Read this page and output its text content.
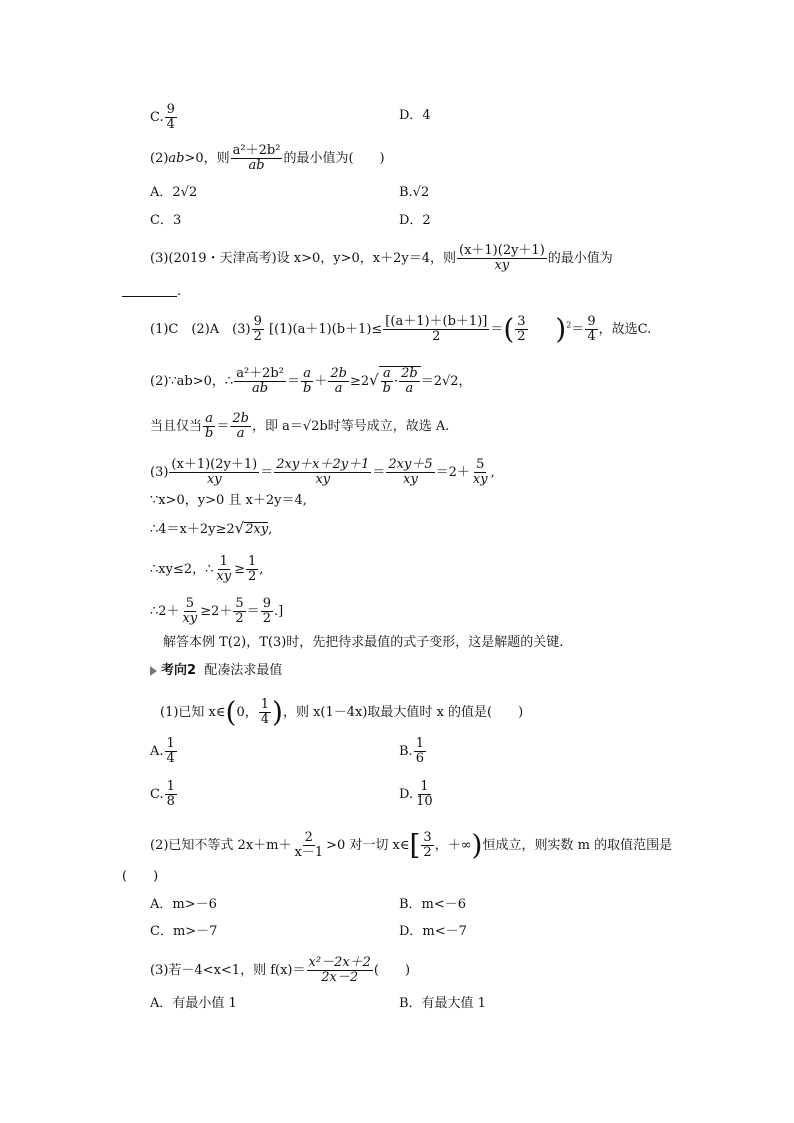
C. $\frac{9}{4}$	D．4
(2)ab>0，则 $\frac{\text{a²＋2b²}}{ab}$ 的最小值为(　　)
A．2√2	B.√2
C．3	D．2
(3)(2019・天津高考)设 x>0，y>0，x＋2y＝4，则 $\frac{(x+1)(2y+1)}{xy}$ 的最小值为
.
(1)C　(2)A　$(3) \frac{9}{2} [(1)(a+1)(b+1)\le \frac{[(a+1)+(b+1)]}{2}$ ＝( $\frac{3}{2} )^2= \frac{9}{4}$ ，故选C.
(2)∵ab>0，∴ $\frac{\text{a²＋2b²}}{ab} = \frac{a}{b} + \frac{2b}{a} \ge 2√ \frac{a}{b} \cdot \frac{2b}{a} =2√2$，
当且仅当 $\frac{a}{b} = \frac{2b}{a}$ ，即 a＝√2b时等号成立，故选 A.
$(3) \frac{(x+1)(2y+1)}{xy} = \frac{2xy+x+2y+1}{xy} = \frac{2xy+5}{xy} =2+ \frac{5}{xy}$ ,
∵x>0，y>0 且 x＋2y＝4,
∴4＝x＋2y≥2√2xy,
∴xy≤2，∴ $\frac{1}{xy} \ge \frac{1}{2}$ ,
∴2＋ $\frac{5}{xy} \ge 2+ \frac{5}{2} = \frac{9}{2}$ .]
解答本例 T(2)，T(3)时，先把待求最值的式子变形，这是解题的关键.
考向2 配凑法求最值
(1)已知 x∈(0， $\frac{1}{4}$ )，则 x(1－4x)取最大值时 x 的值是(　　)
A. $\frac{1}{4}$	B. $\frac{1}{6}$
C. $\frac{1}{8}$	D. $\frac{1}{10}$
(2)已知不等式 $2x+m+ \frac{2}{x-1} >0$ 对一切 x∈[ $\frac{3}{2}$ ，＋∞)恒成立，则实数 m 的取值范围是
(　　)
A．m>－6	B．m<－6
C．m>－7	D．m<－7
(3)若－4<x<1，则 $f(x)= \frac{\text{x²－2x＋2}}{2x-2}$ (　　)
A．有最小值 1	B．有最大值 1
